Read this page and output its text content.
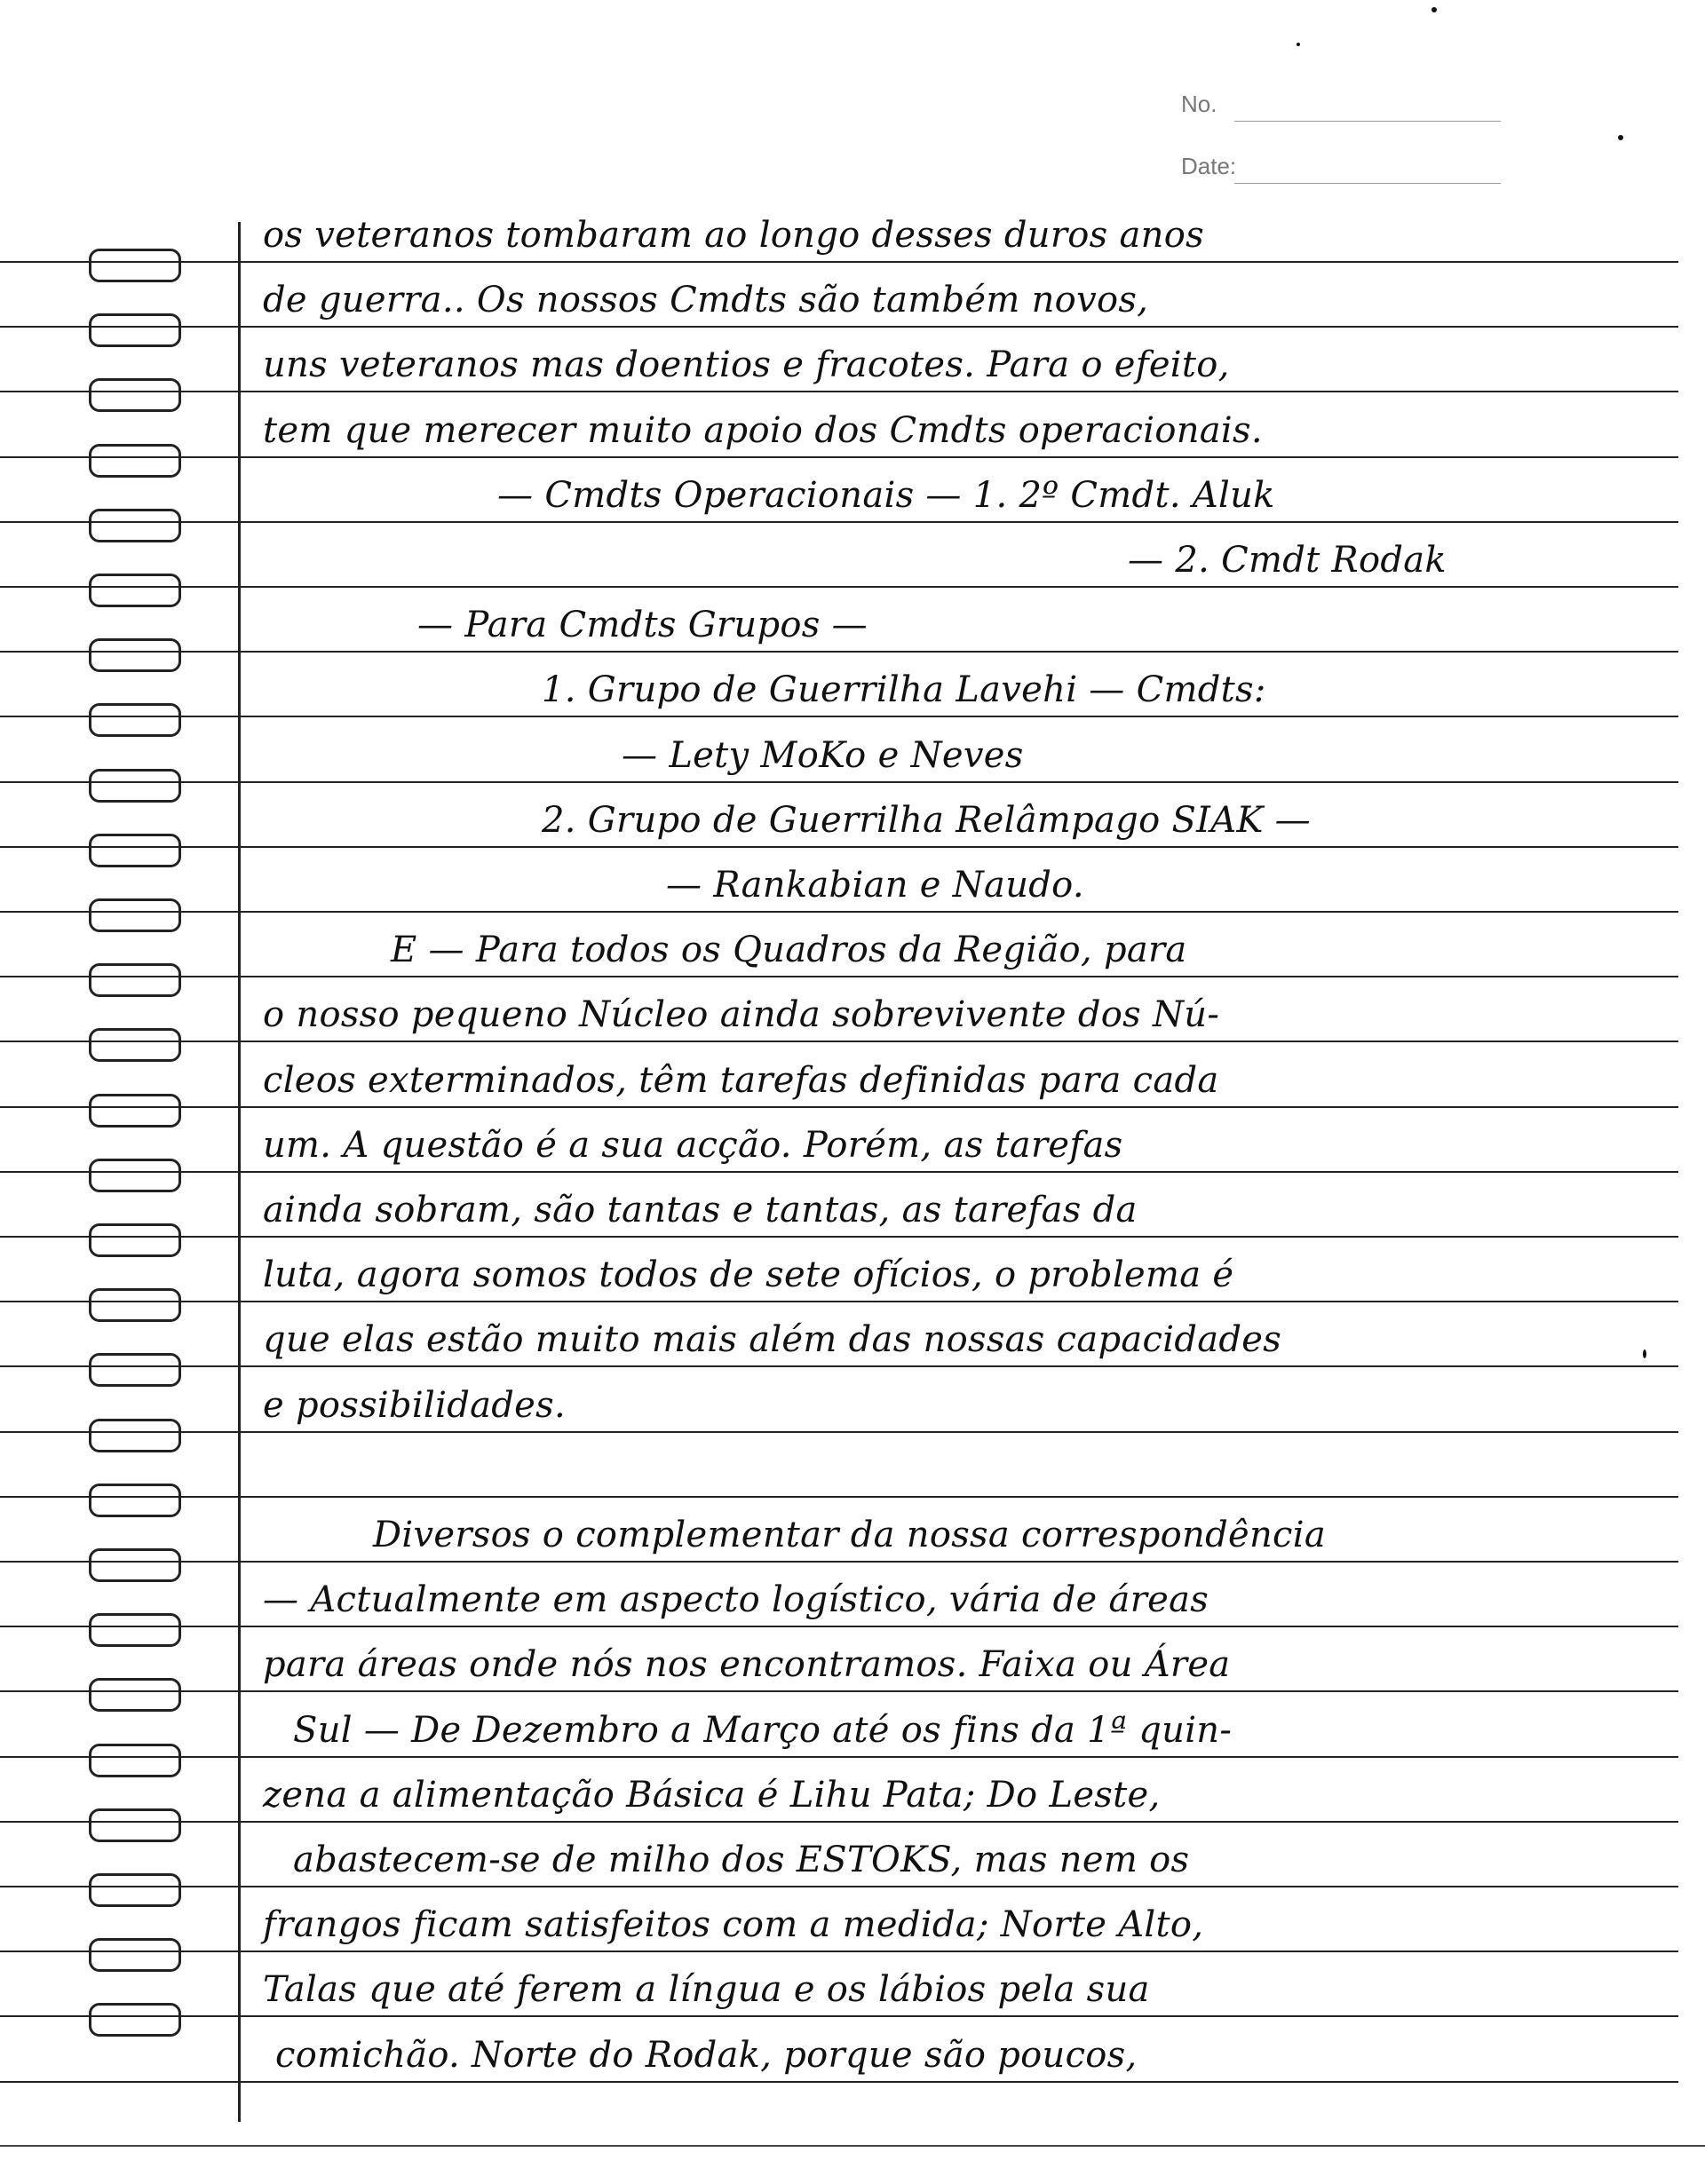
No.
Date:
os veteranos tombaram ao longo desses duros anos
de guerra.. Os nossos Cmdts são também novos,
uns veteranos mas doentios e fracotes. Para o efeito,
tem que merecer muito apoio dos Cmdts operacionais.
— Cmdts Operacionais — 1. 2º Cmdt. Aluk
— 2. Cmdt Rodak
— Para Cmdts Grupos —
1. Grupo de Guerrilha Lavehi — Cmdts:
— Lety MoKo e Neves
2. Grupo de Guerrilha Relâmpago SIAK —
— Rankabian e Naudo.
E — Para todos os Quadros da Região, para
o nosso pequeno Núcleo ainda sobrevivente dos Nú-
cleos exterminados, têm tarefas definidas para cada
um. A questão é a sua acção. Porém, as tarefas
ainda sobram, são tantas e tantas, as tarefas da
luta, agora somos todos de sete ofícios, o problema é
que elas estão muito mais além das nossas capacidades
e possibilidades.
Diversos o complementar da nossa correspondência
— Actualmente em aspecto logístico, vária de áreas
para áreas onde nós nos encontramos. Faixa ou Área
Sul — De Dezembro a Março até os fins da 1ª quin-
zena a alimentação Básica é Lihu Pata; Do Leste,
abastecem-se de milho dos ESTOKS, mas nem os
frangos ficam satisfeitos com a medida; Norte Alto,
Talas que até ferem a língua e os lábios pela sua
comichão. Norte do Rodak, porque são poucos,
